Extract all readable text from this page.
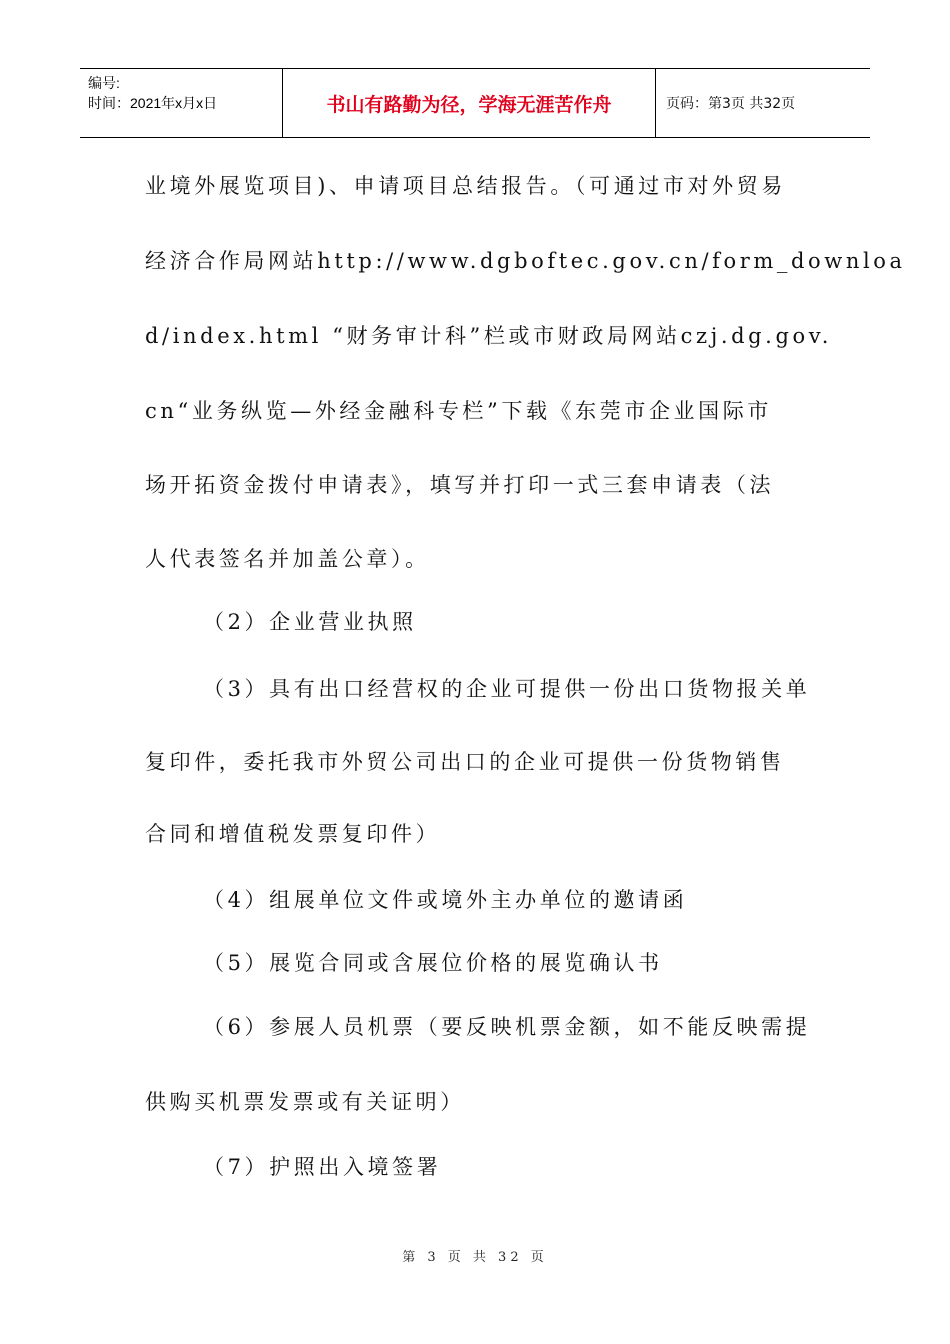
编号:
时间：2021年x月x日	书山有路勤为径，学海无涯苦作舟	页码：第3页 共32页
业境外展览项目)、申请项目总结报告。（可通过市对外贸易
经济合作局网站http://www.dgboftec.gov.cn/form_downloa
d/index.html “财务审计科”栏或市财政局网站czj.dg.gov.
cn“业务纵览—外经金融科专栏”下载《东莞市企业国际市
场开拓资金拨付申请表》，填写并打印一式三套申请表（法
人代表签名并加盖公章）。
（2）企业营业执照
（3）具有出口经营权的企业可提供一份出口货物报关单
复印件，委托我市外贸公司出口的企业可提供一份货物销售
合同和增值税发票复印件）
（4）组展单位文件或境外主办单位的邀请函
（5）展览合同或含展位价格的展览确认书
（6）参展人员机票（要反映机票金额，如不能反映需提
供购买机票发票或有关证明）
（7）护照出入境签署
第 3 页 共 32 页
